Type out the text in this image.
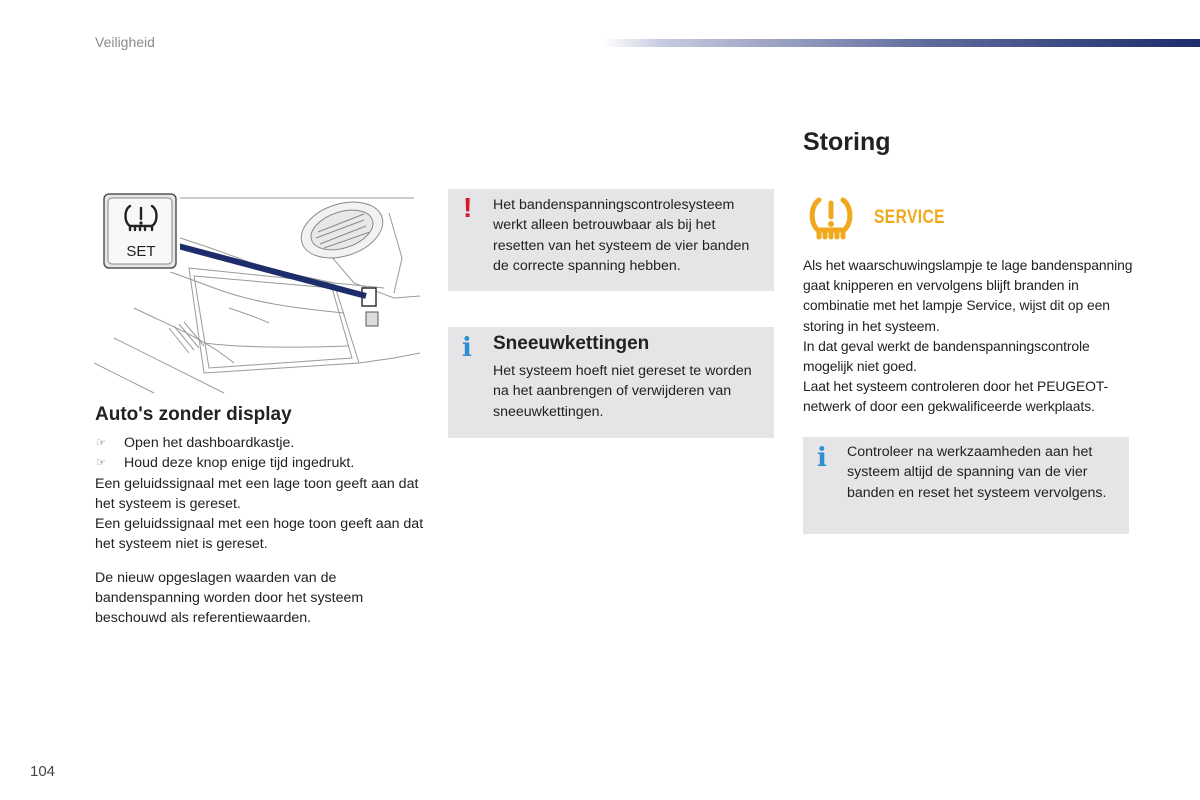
Veiligheid
SET
Auto's zonder display
☞	Open het dashboardkastje.
☞	Houd deze knop enige tijd ingedrukt.

Een geluidssignaal met een lage toon geeft aan dat het systeem is gereset.

Een geluidssignaal met een hoge toon geeft aan dat het systeem niet is gereset.

De nieuw opgeslagen waarden van de bandenspanning worden door het systeem beschouwd als referentiewaarden.

! Het bandenspanningscontrolesysteem werkt alleen betrouwbaar als bij het resetten van het systeem de vier banden de correcte spanning hebben.
i Sneeuwkettingen
Het systeem hoeft niet gereset te worden na het aanbrengen of verwijderen van sneeuwkettingen.
Storing
SERVICE
Als het waarschuwingslampje te lage bandenspanning gaat knipperen en vervolgens blijft branden in combinatie met het lampje Service, wijst dit op een storing in het systeem.
In dat geval werkt de bandenspanningscontrole mogelijk niet goed.
Laat het systeem controleren door het PEUGEOT-netwerk of door een gekwalificeerde werkplaats.
i Controleer na werkzaamheden aan het systeem altijd de spanning van de vier banden en reset het systeem vervolgens.
104
